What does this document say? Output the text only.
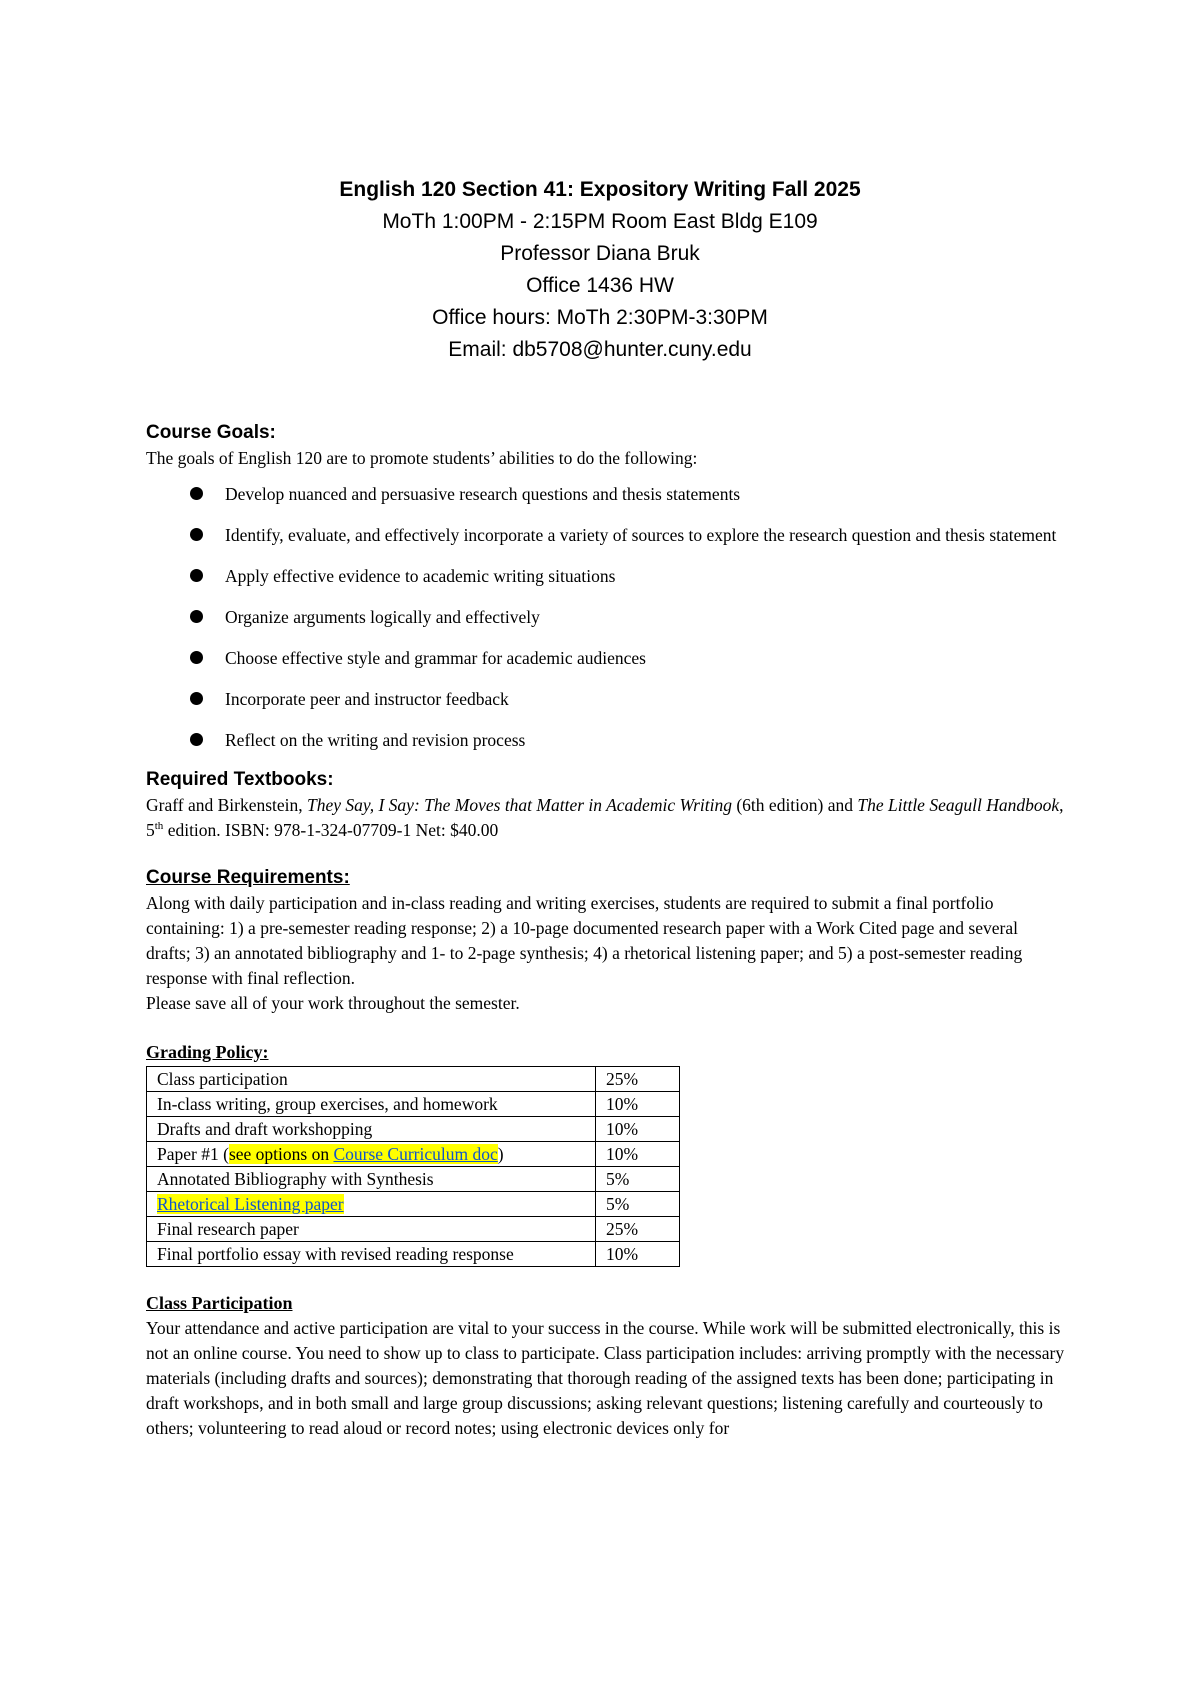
English 120 Section 41: Expository Writing Fall 2025
MoTh 1:00PM - 2:15PM Room East Bldg E109
Professor Diana Bruk
Office 1436 HW
Office hours: MoTh 2:30PM-3:30PM
Email: db5708@hunter.cuny.edu
Course Goals:

The goals of English 120 are to promote students’ abilities to do the following:

Develop nuanced and persuasive research questions and thesis statements
Identify, evaluate, and effectively incorporate a variety of sources to explore the research question and thesis statement
Apply effective evidence to academic writing situations
Organize arguments logically and effectively
Choose effective style and grammar for academic audiences
Incorporate peer and instructor feedback
Reflect on the writing and revision process
Required Textbooks:

Graff and Birkenstein, They Say, I Say: The Moves that Matter in Academic Writing (6th edition) and The Little Seagull Handbook, 5th edition. ISBN: 978-1-324-07709-1 Net: $40.00

Course Requirements:

Along with daily participation and in-class reading and writing exercises, students are required to submit a final portfolio containing: 1) a pre-semester reading response; 2) a 10-page documented research paper with a Work Cited page and several drafts; 3) an annotated bibliography and 1- to 2-page synthesis; 4) a rhetorical listening paper; and 5) a post-semester reading response with final reflection.

Please save all of your work throughout the semester.

Grading Policy:
Class participation	25%
In-class writing, group exercises, and homework	10%
Drafts and draft workshopping	10%
Paper #1 (see options on Course Curriculum doc)	10%
Annotated Bibliography with Synthesis	5%
Rhetorical Listening paper	5%
Final research paper	25%
Final portfolio essay with revised reading response	10%
Class Participation

Your attendance and active participation are vital to your success in the course. While work will be submitted electronically, this is not an online course. You need to show up to class to participate. Class participation includes: arriving promptly with the necessary materials (including drafts and sources); demonstrating that thorough reading of the assigned texts has been done; participating in draft workshops, and in both small and large group discussions; asking relevant questions; listening carefully and courteously to others; volunteering to read aloud or record notes; using electronic devices only for
